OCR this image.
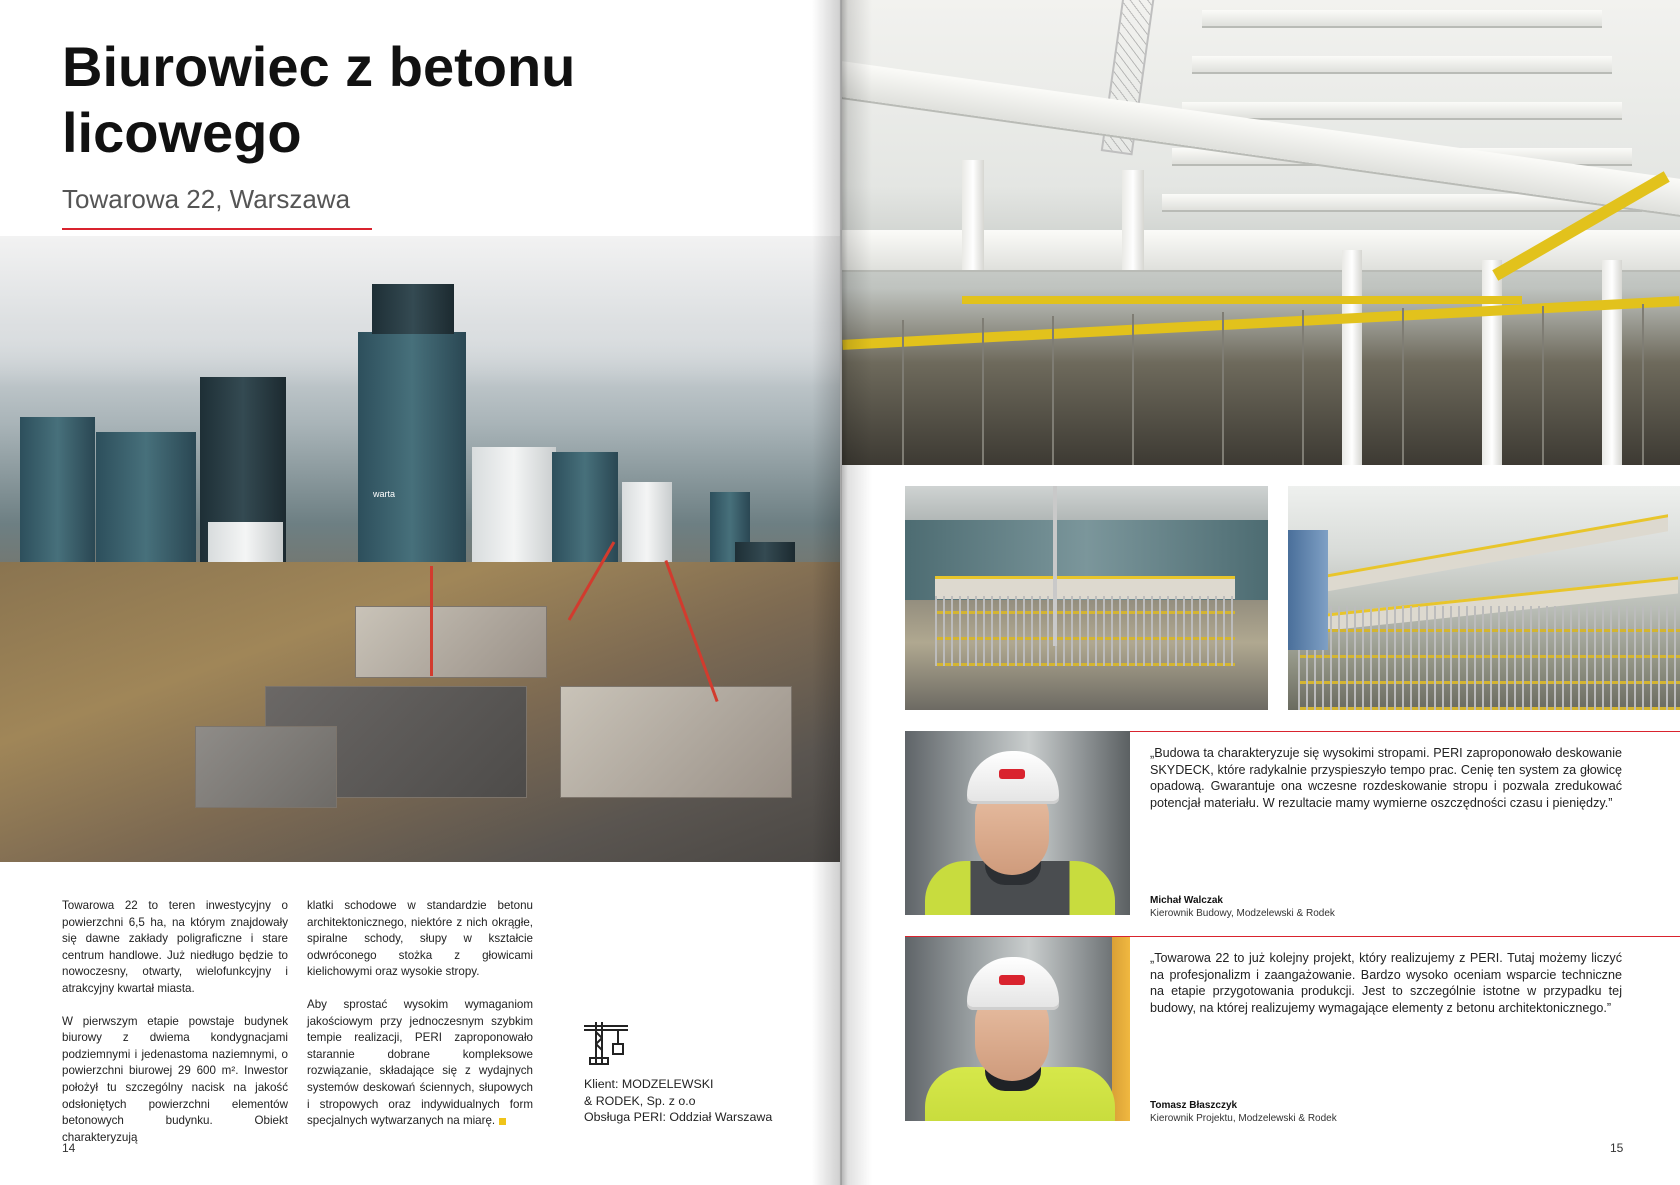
Biurowiec z betonu licowego
Towarowa 22, Warszawa
warta

Towarowa 22 to teren inwestycyjny o powierzchni 6,5 ha, na którym znajdowały się dawne zakłady poligraficzne i stare centrum handlowe. Już niedługo będzie to nowoczesny, otwarty, wielofunkcyjny i atrakcyjny kwartał miasta.

W pierwszym etapie powstaje budynek biurowy z dwiema kondygnacjami podziemnymi i jedenastoma naziemnymi, o powierzchni biurowej 29 600 m². Inwestor położył tu szczególny nacisk na jakość odsłoniętych powierzchni elementów betonowych budynku. Obiekt charakteryzują

klatki schodowe w standardzie betonu architektonicznego, niektóre z nich okrągłe, spiralne schody, słupy w kształcie odwróconego stożka z głowicami kielichowymi oraz wysokie stropy.

Aby sprostać wysokim wymaganiom jakościowym przy jednoczesnym szybkim tempie realizacji, PERI zaproponowało starannie dobrane kompleksowe rozwiązanie, składające się z wydajnych systemów deskowań ściennych, słupowych i stropowych oraz indywidualnych form specjalnych wytwarzanych na miarę.

Klient: MODZELEWSKI
& RODEK, Sp. z o.o
Obsługa PERI: Oddział Warszawa
14
„Budowa ta charakteryzuje się wysokimi stropami. PERI zaproponowało deskowanie SKYDECK, które radykalnie przyspieszyło tempo prac. Cenię ten system za głowicę opadową. Gwarantuje ona wczesne rozdeskowanie stropu i pozwala zredukować potencjał materiału. W rezultacie mamy wymierne oszczędności czasu i pieniędzy.”
Michał Walczak
Kierownik Budowy, Modzelewski & Rodek
„Towarowa 22 to już kolejny projekt, który realizujemy z PERI. Tutaj możemy liczyć na profesjonalizm i zaangażowanie. Bardzo wysoko oceniam wsparcie techniczne na etapie przygotowania produkcji. Jest to szczególnie istotne w przypadku tej budowy, na której realizujemy wymagające elementy z betonu architektonicznego.”
Tomasz Błaszczyk
Kierownik Projektu, Modzelewski & Rodek
15
